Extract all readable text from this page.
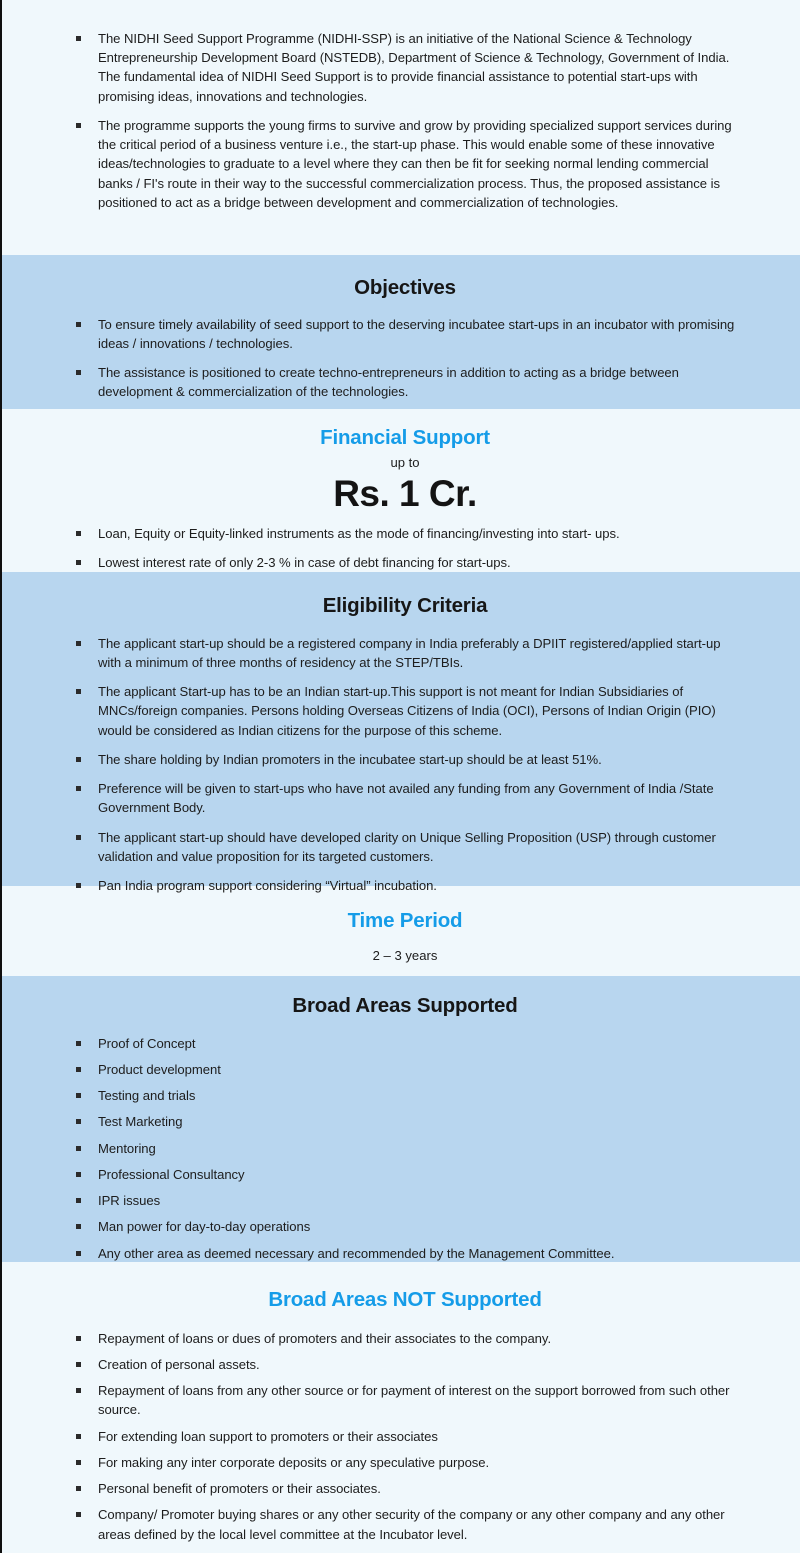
The NIDHI Seed Support Programme (NIDHI-SSP) is an initiative of the National Science & Technology Entrepreneurship Development Board (NSTEDB), Department of Science & Technology, Government of India. The fundamental idea of NIDHI Seed Support is to provide financial assistance to potential start-ups with promising ideas, innovations and technologies.
The programme supports the young firms to survive and grow by providing specialized support services during the critical period of a business venture i.e., the start-up phase. This would enable some of these innovative ideas/technologies to graduate to a level where they can then be fit for seeking normal lending commercial banks / FI's route in their way to the successful commercialization process. Thus, the proposed assistance is positioned to act as a bridge between development and commercialization of technologies.
Objectives
To ensure timely availability of seed support to the deserving incubatee start-ups in an incubator with promising ideas / innovations / technologies.
The assistance is positioned to create techno-entrepreneurs in addition to acting as a bridge between development & commercialization of the technologies.
Financial Support
up to
Rs. 1 Cr.
Loan, Equity or Equity-linked instruments as the mode of financing/investing into start- ups.
Lowest interest rate of only 2-3 % in case of debt financing for start-ups.
Eligibility Criteria
The applicant start-up should be a registered company in India preferably a DPIIT registered/applied start-up with a minimum of three months of residency at the STEP/TBIs.
The applicant Start-up has to be an Indian start-up.This support is not meant for Indian Subsidiaries of MNCs/foreign companies. Persons holding Overseas Citizens of India (OCI), Persons of Indian Origin (PIO) would be considered as Indian citizens for the purpose of this scheme.
The share holding by Indian promoters in the incubatee start-up should be at least 51%.
Preference will be given to start-ups who have not availed any funding from any Government of India /State Government Body.
The applicant start-up should have developed clarity on Unique Selling Proposition (USP) through customer validation and value proposition for its targeted customers.
Pan India program support considering “Virtual” incubation.
Time Period
2 – 3 years
Broad Areas Supported
Proof of Concept
Product development
Testing and trials
Test Marketing
Mentoring
Professional Consultancy
IPR issues
Man power for day-to-day operations
Any other area as deemed necessary and recommended by the Management Committee.
Broad Areas NOT Supported
Repayment of loans or dues of promoters and their associates to the company.
Creation of personal assets.
Repayment of loans from any other source or for payment of interest on the support borrowed from such other source.
For extending loan support to promoters or their associates
For making any inter corporate deposits or any speculative purpose.
Personal benefit of promoters or their associates.
Company/ Promoter buying shares or any other security of the company or any other company and any other areas defined by the local level committee at the Incubator level.
